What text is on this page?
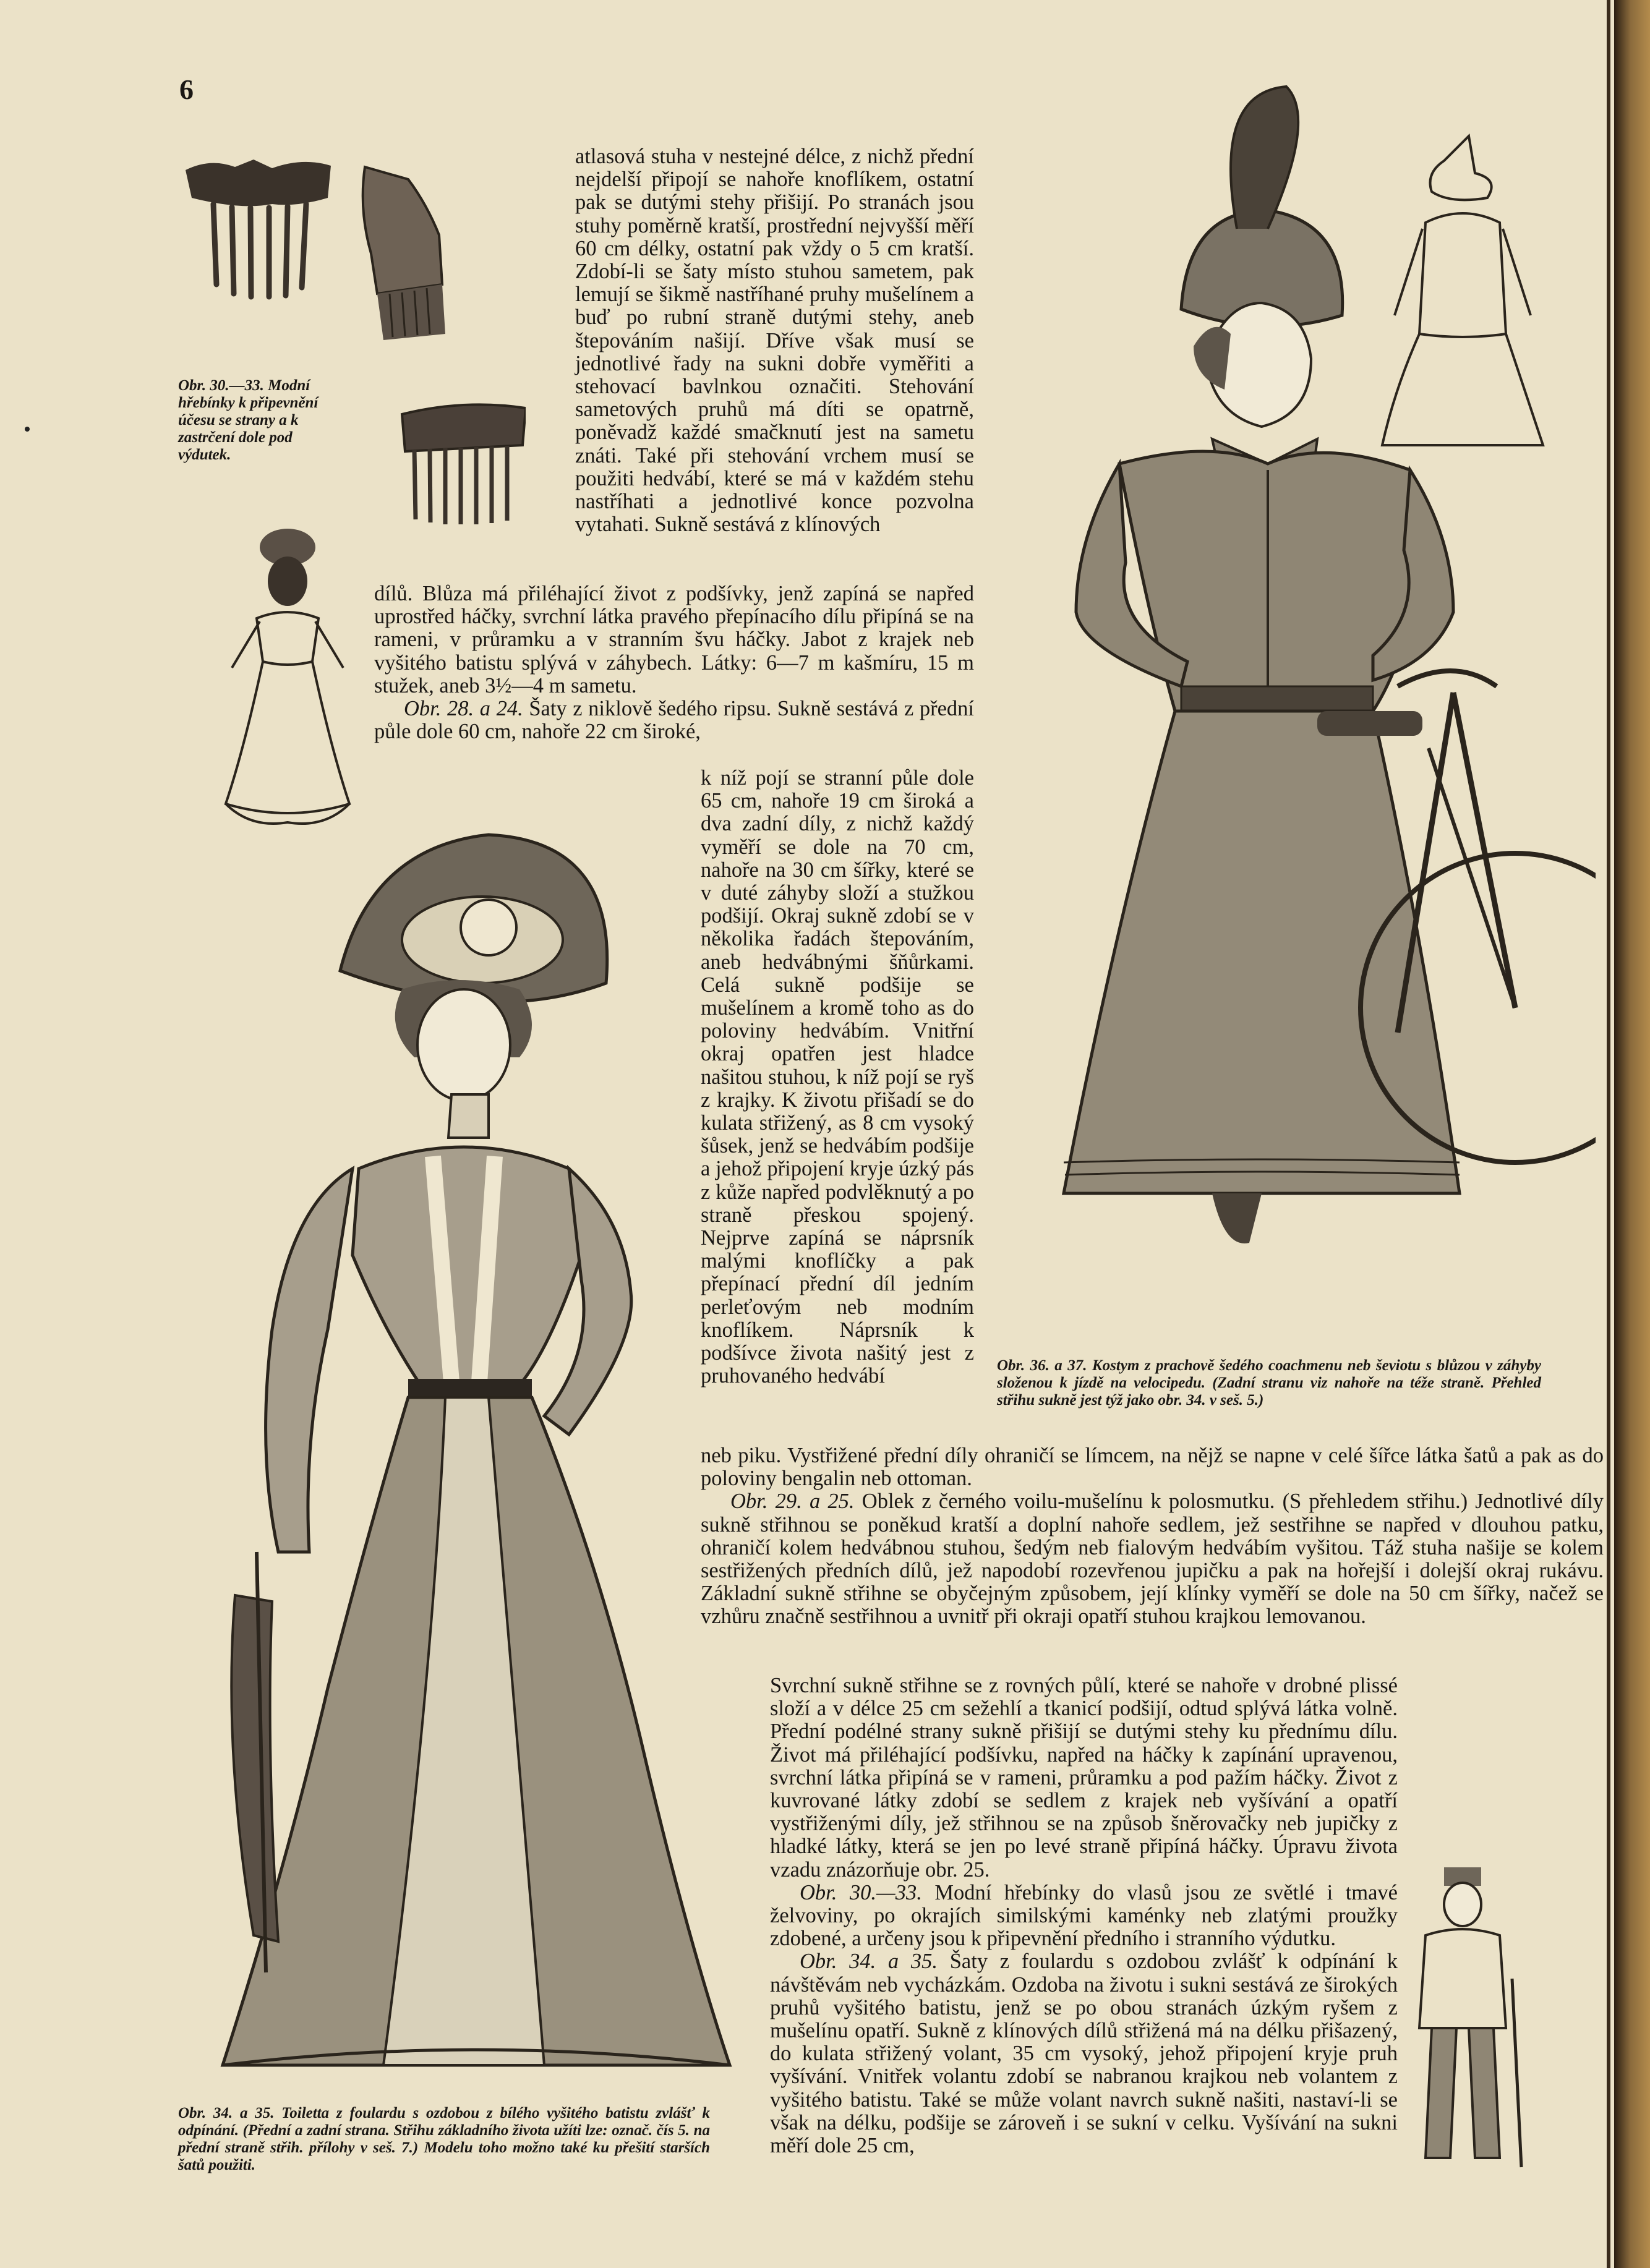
6

Obr. 30.—33. Modní hřebínky k připevnění účesu se strany a k zastrčení dole pod výdutek.

Obr. 34. a 35. Toiletta z foulardu s ozdobou z bílého vyšitého batistu zvlášť k odpínání. (Přední a zadní strana. Střihu základního života užíti lze: označ. čís 5. na přední straně střih. přílohy v seš. 7.) Modelu toho možno také ku přešití starších šatů použiti.

Obr. 36. a 37. Kostym z prachově šedého coachmenu neb ševiotu s blůzou v záhyby složenou k jízdě na velocipedu. (Zadní stranu viz nahoře na téže straně. Přehled střihu sukně jest týž jako obr. 34. v seš. 5.)

atlasová stuha v nestejné délce, z nichž přední nejdelší připojí se nahoře knoflíkem, ostatní pak se dutými stehy přišijí. Po stranách jsou stuhy poměrně kratší, prostřední nejvyšší měří 60 cm délky, ostatní pak vždy o 5 cm kratší. Zdobí-li se šaty místo stuhou sametem, pak lemují se šikmě nastříhané pruhy mušelínem a buď po rubní straně dutými stehy, aneb štepováním našijí. Dříve však musí se jednotlivé řady na sukni dobře vyměřiti a stehovací bavlnkou označiti. Stehování sametových pruhů má díti se opatrně, poněvadž každé smačknutí jest na sametu znáti. Také při stehování vrchem musí se použiti hedvábí, které se má v každém stehu nastříhati a jednotlivé konce pozvolna vytahati. Sukně sestává z klínových

dílů. Blůza má přiléhající život z podšívky, jenž zapíná se napřed uprostřed háčky, svrchní látka pravého přepínacího dílu připíná se na rameni, v průramku a v stranním švu háčky. Jabot z krajek neb vyšitého batistu splývá v záhybech. Látky: 6—7 m kašmíru, 15 m stužek, aneb 3½—4 m sametu.

Obr. 28. a 24. Šaty z niklově šedého ripsu. Sukně sestává z přední půle dole 60 cm, nahoře 22 cm široké,

k níž pojí se stranní půle dole 65 cm, nahoře 19 cm široká a dva zadní díly, z nichž každý vyměří se dole na 70 cm, nahoře na 30 cm šířky, které se v duté záhyby složí a stužkou podšijí. Okraj sukně zdobí se v několika řadách štepováním, aneb hedvábnými šňůrkami. Celá sukně podšije se mušelínem a kromě toho as do poloviny hedvábím. Vnitřní okraj opatřen jest hladce našitou stuhou, k níž pojí se ryš z krajky. K životu přišadí se do kulata střižený, as 8 cm vysoký šůsek, jenž se hedvábím podšije a jehož připojení kryje úzký pás z kůže napřed podvlěknutý a po straně přeskou spojený. Nejprve zapíná se náprsník malými knoflíčky a pak přepínací přední díl jedním perleťovým neb modním knoflíkem. Náprsník k podšívce života našitý jest z pruhovaného hedvábí

neb piku. Vystřižené přední díly ohraničí se límcem, na nějž se napne v celé šířce látka šatů a pak as do poloviny bengalin neb ottoman.

Obr. 29. a 25. Oblek z černého voilu-mušelínu k polosmutku. (S přehledem střihu.) Jednotlivé díly sukně střihnou se poněkud kratší a doplní nahoře sedlem, jež sestřihne se napřed v dlouhou patku, ohraničí kolem hedvábnou stuhou, šedým neb fialovým hedvábím vyšitou. Táž stuha našije se kolem sestřižených předních dílů, jež napodobí rozevřenou jupičku a pak na hořejší i dolejší okraj rukávu. Základní sukně střihne se obyčejným způsobem, její klínky vyměří se dole na 50 cm šířky, načež se vzhůru značně sestřihnou a uvnitř při okraji opatří stuhou krajkou lemovanou.

Svrchní sukně střihne se z rovných půlí, které se nahoře v drobné plissé složí a v délce 25 cm sežehlí a tkanicí podšijí, odtud splývá látka volně. Přední podélné strany sukně přišijí se dutými stehy ku přednímu dílu. Život má přiléhající podšívku, napřed na háčky k zapínání upravenou, svrchní látka připíná se v rameni, průramku a pod pažím háčky. Život z kuvrované látky zdobí se sedlem z krajek neb vyšívání a opatří vystřiženými díly, jež střihnou se na způsob šněrovačky neb jupičky z hladké látky, která se jen po levé straně připíná háčky. Úpravu života vzadu znázorňuje obr. 25.

Obr. 30.—33. Modní hřebínky do vlasů jsou ze světlé i tmavé želvoviny, po okrajích similskými kaménky neb zlatými proužky zdobené, a určeny jsou k připevnění předního i stranního výdutku.

Obr. 34. a 35. Šaty z foulardu s ozdobou zvlášť k odpínání k návštěvám neb vycházkám. Ozdoba na životu i sukni sestává ze širokých pruhů vyšitého batistu, jenž se po obou stranách úzkým ryšem z mušelínu opatří. Sukně z klínových dílů střižená má na délku přišazený, do kulata střižený volant, 35 cm vysoký, jehož připojení kryje pruh vyšívání. Vnitřek volantu zdobí se nabranou krajkou neb volantem z vyšitého batistu. Také se může volant navrch sukně našiti, nastaví-li se však na délku, podšije se zároveň i se sukní v celku. Vyšívání na sukni měří dole 25 cm,
